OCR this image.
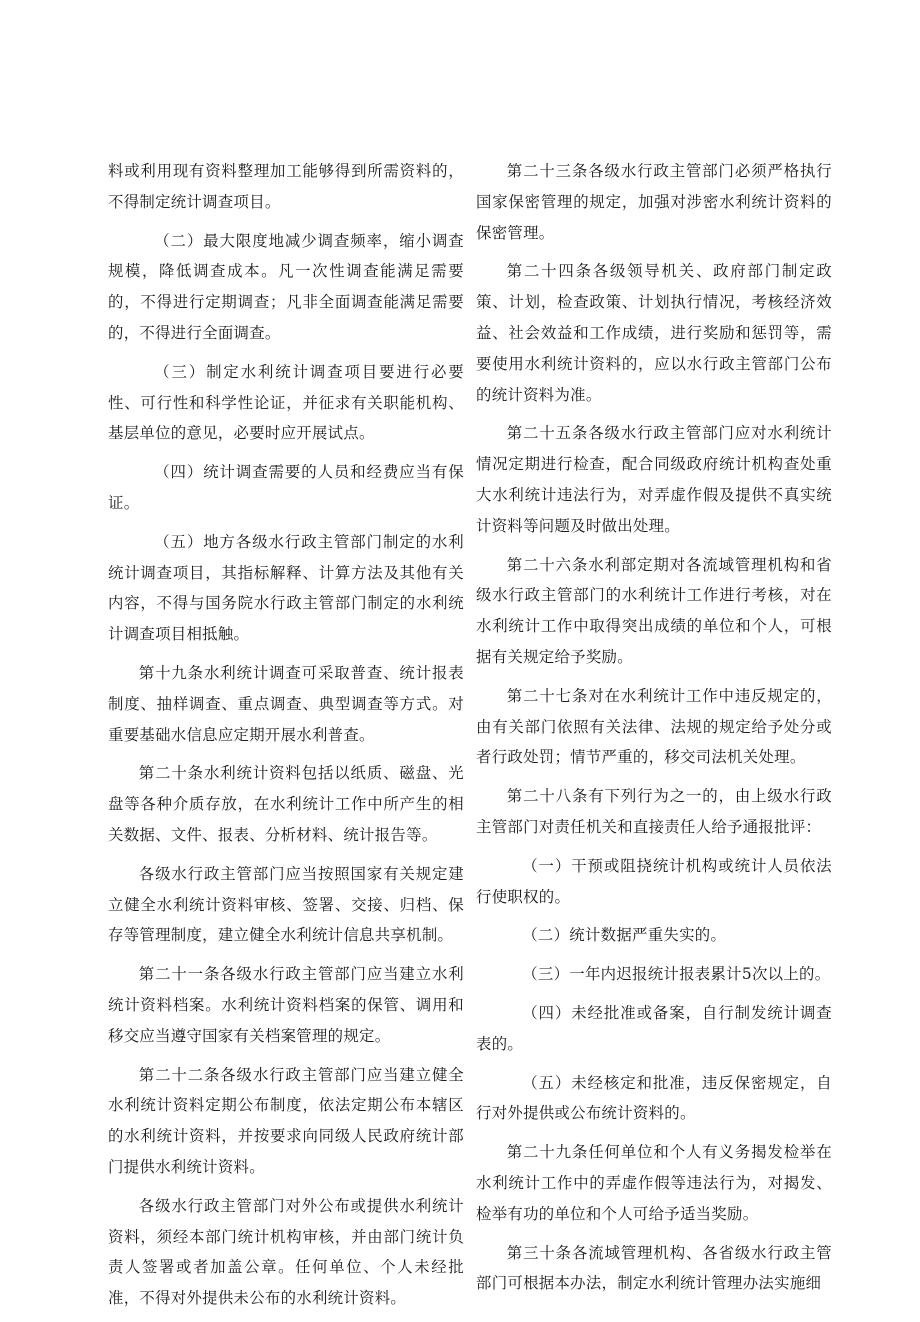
料或利用现有资料整理加工能够得到所需资料的，不得制定统计调查项目。

（二）最大限度地减少调查频率，缩小调查规模，降低调查成本。凡一次性调查能满足需要的，不得进行定期调查；凡非全面调查能满足需要的，不得进行全面调查。

（三）制定水利统计调查项目要进行必要性、可行性和科学性论证，并征求有关职能机构、基层单位的意见，必要时应开展试点。

（四）统计调查需要的人员和经费应当有保证。

（五）地方各级水行政主管部门制定的水利统计调查项目，其指标解释、计算方法及其他有关内容，不得与国务院水行政主管部门制定的水利统计调查项目相抵触。

第十九条水利统计调查可采取普查、统计报表制度、抽样调查、重点调查、典型调查等方式。对重要基础水信息应定期开展水利普查。

第二十条水利统计资料包括以纸质、磁盘、光盘等各种介质存放，在水利统计工作中所产生的相关数据、文件、报表、分析材料、统计报告等。

各级水行政主管部门应当按照国家有关规定建立健全水利统计资料审核、签署、交接、归档、保存等管理制度，建立健全水利统计信息共享机制。

第二十一条各级水行政主管部门应当建立水利统计资料档案。水利统计资料档案的保管、调用和移交应当遵守国家有关档案管理的规定。

第二十二条各级水行政主管部门应当建立健全水利统计资料定期公布制度，依法定期公布本辖区的水利统计资料，并按要求向同级人民政府统计部门提供水利统计资料。

各级水行政主管部门对外公布或提供水利统计资料，须经本部门统计机构审核，并由部门统计负责人签署或者加盖公章。任何单位、个人未经批准，不得对外提供未公布的水利统计资料。

第二十三条各级水行政主管部门必须严格执行国家保密管理的规定，加强对涉密水利统计资料的保密管理。

第二十四条各级领导机关、政府部门制定政策、计划，检查政策、计划执行情况，考核经济效益、社会效益和工作成绩，进行奖励和惩罚等，需要使用水利统计资料的，应以水行政主管部门公布的统计资料为准。

第二十五条各级水行政主管部门应对水利统计情况定期进行检查，配合同级政府统计机构查处重大水利统计违法行为，对弄虚作假及提供不真实统计资料等问题及时做出处理。

第二十六条水利部定期对各流域管理机构和省级水行政主管部门的水利统计工作进行考核，对在水利统计工作中取得突出成绩的单位和个人，可根据有关规定给予奖励。

第二十七条对在水利统计工作中违反规定的，由有关部门依照有关法律、法规的规定给予处分或者行政处罚；情节严重的，移交司法机关处理。

第二十八条有下列行为之一的，由上级水行政主管部门对责任机关和直接责任人给予通报批评：

（一）干预或阻挠统计机构或统计人员依法行使职权的。

（二）统计数据严重失实的。

（三）一年内迟报统计报表累计5次以上的。

（四）未经批准或备案，自行制发统计调查表的。

（五）未经核定和批准，违反保密规定，自行对外提供或公布统计资料的。

第二十九条任何单位和个人有义务揭发检举在水利统计工作中的弄虚作假等违法行为，对揭发、检举有功的单位和个人可给予适当奖励。

第三十条各流域管理机构、各省级水行政主管部门可根据本办法，制定水利统计管理办法实施细
